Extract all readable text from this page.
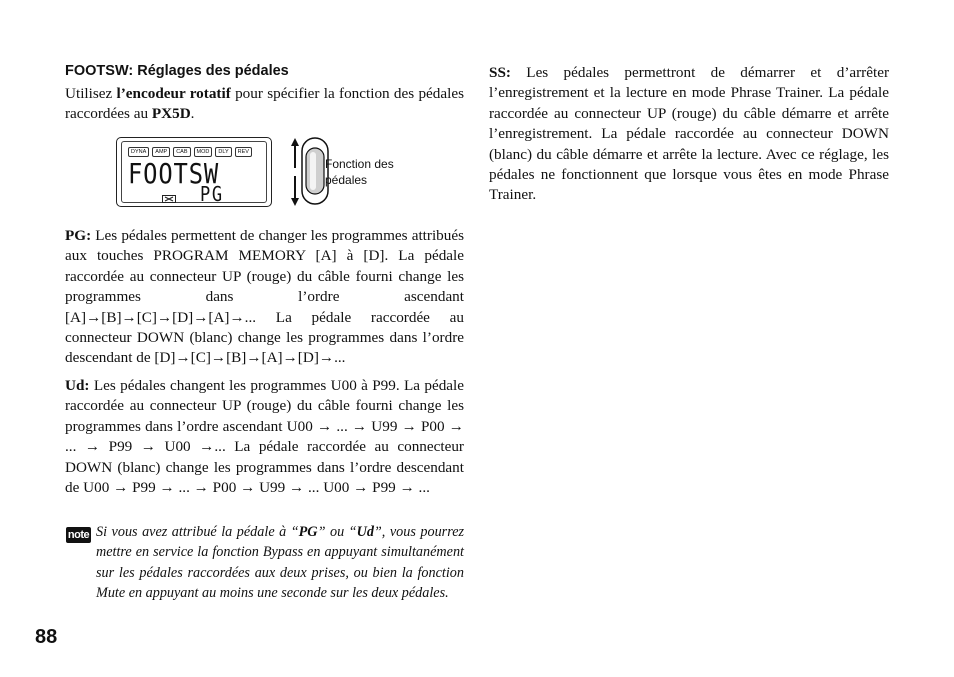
FOOTSW: Réglages des pédales

Utilisez l’encodeur rotatif pour spécifier la fonction des pédales raccordées au PX5D.

DYNA	AMP	CAB	MOD	DLY	REV
FOOTSW
PG
Fonction des
pédales

PG: Les pédales permettent de changer les programmes attribués aux touches PROGRAM MEMORY [A] à [D]. La pédale raccordée au connecteur UP (rouge) du câble fourni change les programmes dans l’ordre ascendant [A]→[B]→[C]→[D]→[A]→... La pédale raccordée au connecteur DOWN (blanc) change les programmes dans l’ordre descendant de [D]→[C]→[B]→[A]→[D]→...

Ud: Les pédales changent les programmes U00 à P99. La pédale raccordée au connecteur UP (rouge) du câble fourni change les programmes dans l’ordre ascendant U00 → ... → U99 → P00 → ... → P99 → U00 →... La pédale raccordée au connecteur DOWN (blanc) change les programmes dans l’ordre descendant de U00 → P99 → ... → P00 → U99 → ... U00 → P99 → ...

note Si vous avez attribué la pédale à “PG” ou “Ud”, vous pourrez mettre en service la fonction Bypass en appuyant simultanément sur les pédales raccordées aux deux prises, ou bien la fonction Mute en appuyant au moins une seconde sur les deux pédales.

SS: Les pédales permettront de démarrer et d’arrêter l’enregistrement et la lecture en mode Phrase Trainer. La pédale raccordée au connecteur UP (rouge) du câble démarre et arrête l’enregistrement. La pédale raccordée au connecteur DOWN (blanc) du câble démarre et arrête la lecture. Avec ce réglage, les pédales ne fonctionnent que lorsque vous êtes en mode Phrase Trainer.

88
